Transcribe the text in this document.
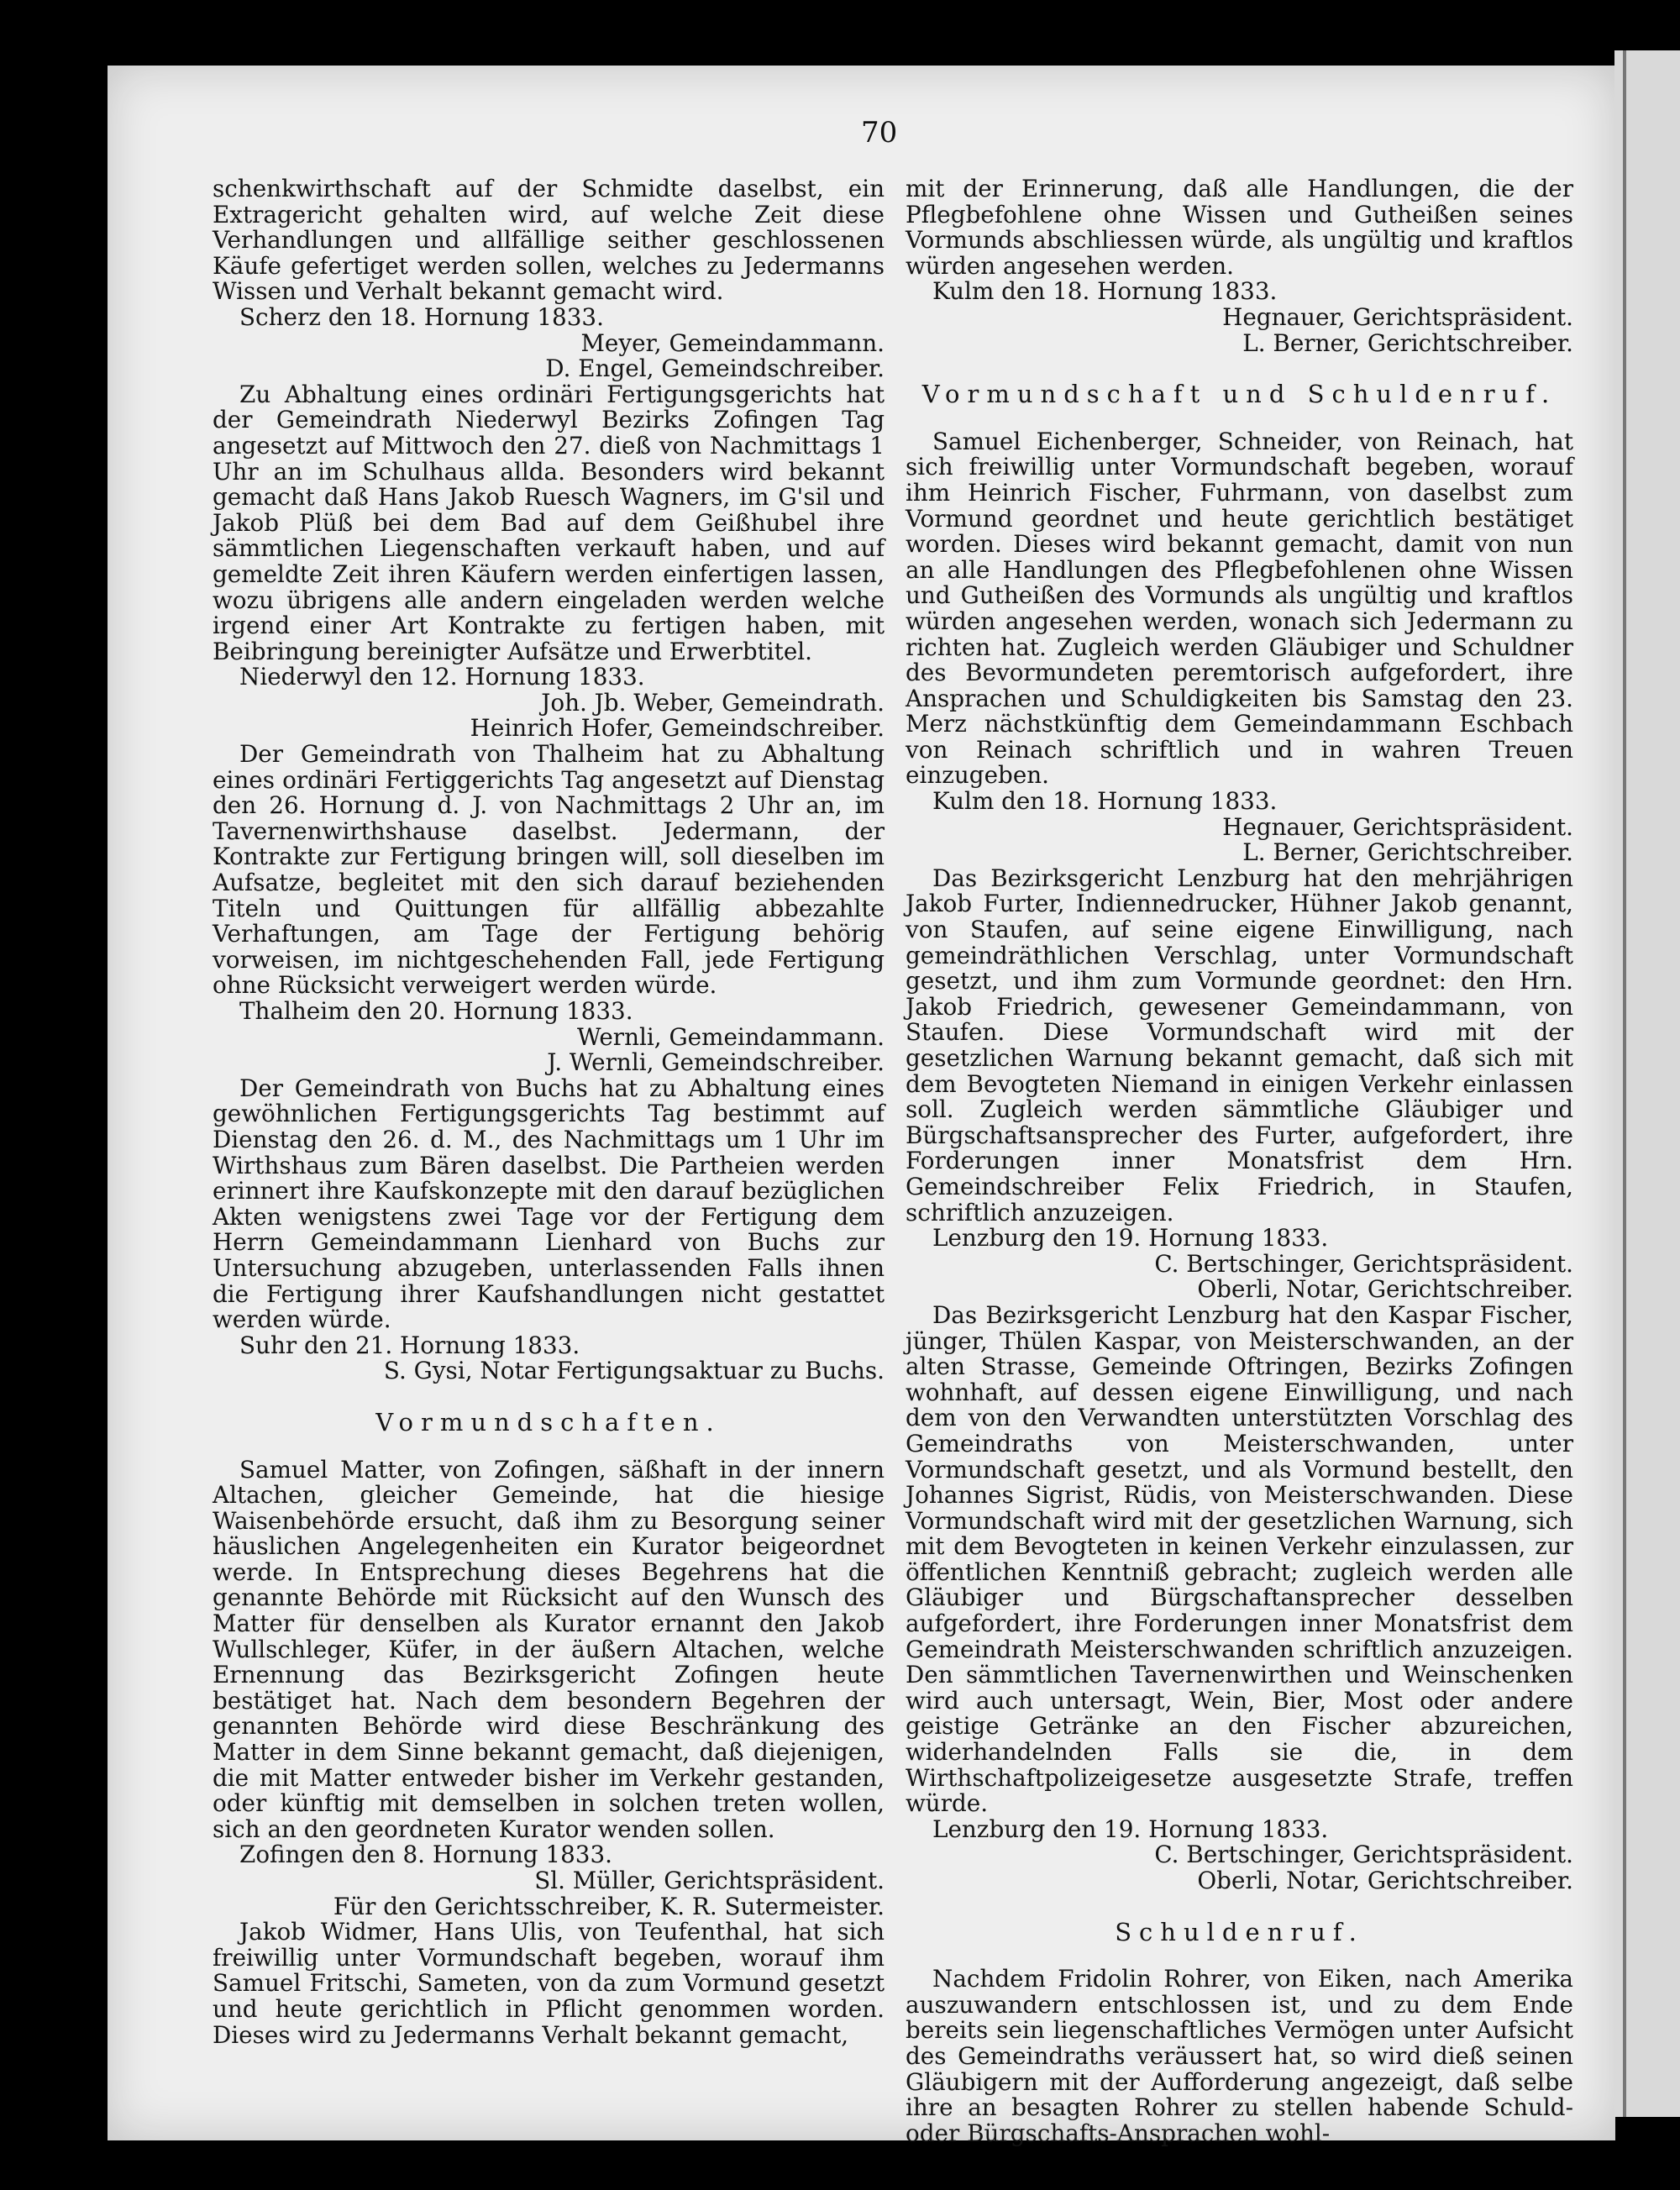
70

schenkwirthschaft auf der Schmidte daselbst, ein Extragericht gehalten wird, auf welche Zeit diese Verhandlungen und allfällige seither geschlossenen Käufe gefertiget werden sollen, welches zu Jedermanns Wissen und Verhalt bekannt gemacht wird.

Scherz den 18. Hornung 1833.

Meyer, Gemeindammann.

D. Engel, Gemeindschreiber.

Zu Abhaltung eines ordinäri Fertigungsgerichts hat der Gemeindrath Niederwyl Bezirks Zofingen Tag angesetzt auf Mittwoch den 27. dieß von Nachmittags 1 Uhr an im Schulhaus allda. Besonders wird bekannt gemacht daß Hans Jakob Ruesch Wagners, im G'sil und Jakob Plüß bei dem Bad auf dem Geißhubel ihre sämmtlichen Liegenschaften verkauft haben, und auf gemeldte Zeit ihren Käufern werden einfertigen lassen, wozu übrigens alle andern eingeladen werden welche irgend einer Art Kontrakte zu fertigen haben, mit Beibringung bereinigter Aufsätze und Erwerbtitel.

Niederwyl den 12. Hornung 1833.

Joh. Jb. Weber, Gemeindrath.

Heinrich Hofer, Gemeindschreiber.

Der Gemeindrath von Thalheim hat zu Abhaltung eines ordinäri Fertiggerichts Tag angesetzt auf Dienstag den 26. Hornung d. J. von Nachmittags 2 Uhr an, im Tavernenwirthshause daselbst. Jedermann, der Kontrakte zur Fertigung bringen will, soll dieselben im Aufsatze, begleitet mit den sich darauf beziehenden Titeln und Quittungen für allfällig abbezahlte Verhaftungen, am Tage der Fertigung behörig vorweisen, im nichtgeschehenden Fall, jede Fertigung ohne Rücksicht verweigert werden würde.

Thalheim den 20. Hornung 1833.

Wernli, Gemeindammann.

J. Wernli, Gemeindschreiber.

Der Gemeindrath von Buchs hat zu Abhaltung eines gewöhnlichen Fertigungsgerichts Tag bestimmt auf Dienstag den 26. d. M., des Nachmittags um 1 Uhr im Wirthshaus zum Bären daselbst. Die Partheien werden erinnert ihre Kaufskonzepte mit den darauf bezüglichen Akten wenigstens zwei Tage vor der Fertigung dem Herrn Gemeindammann Lienhard von Buchs zur Untersuchung abzugeben, unterlassenden Falls ihnen die Fertigung ihrer Kaufshandlungen nicht gestattet werden würde.

Suhr den 21. Hornung 1833.

S. Gysi, Notar Fertigungsaktuar zu Buchs.

Vormundschaften.

Samuel Matter, von Zofingen, säßhaft in der innern Altachen, gleicher Gemeinde, hat die hiesige Waisenbehörde ersucht, daß ihm zu Besorgung seiner häuslichen Angelegenheiten ein Kurator beigeordnet werde. In Entsprechung dieses Begehrens hat die genannte Behörde mit Rücksicht auf den Wunsch des Matter für denselben als Kurator ernannt den Jakob Wullschleger, Küfer, in der äußern Altachen, welche Ernennung das Bezirksgericht Zofingen heute bestätiget hat. Nach dem besondern Begehren der genannten Behörde wird diese Beschränkung des Matter in dem Sinne bekannt gemacht, daß diejenigen, die mit Matter entweder bisher im Verkehr gestanden, oder künftig mit demselben in solchen treten wollen, sich an den geordneten Kurator wenden sollen.

Zofingen den 8. Hornung 1833.

Sl. Müller, Gerichtspräsident.

Für den Gerichtsschreiber, K. R. Sutermeister.

Jakob Widmer, Hans Ulis, von Teufenthal, hat sich freiwillig unter Vormundschaft begeben, worauf ihm Samuel Fritschi, Sameten, von da zum Vormund gesetzt und heute gerichtlich in Pflicht genommen worden. Dieses wird zu Jedermanns Verhalt bekannt gemacht,

mit der Erinnerung, daß alle Handlungen, die der Pflegbefohlene ohne Wissen und Gutheißen seines Vormunds abschliessen würde, als ungültig und kraftlos würden angesehen werden.

Kulm den 18. Hornung 1833.

Hegnauer, Gerichtspräsident.

L. Berner, Gerichtschreiber.

Vormundschaft und Schuldenruf.

Samuel Eichenberger, Schneider, von Reinach, hat sich freiwillig unter Vormundschaft begeben, worauf ihm Heinrich Fischer, Fuhrmann, von daselbst zum Vormund geordnet und heute gerichtlich bestätiget worden. Dieses wird bekannt gemacht, damit von nun an alle Handlungen des Pflegbefohlenen ohne Wissen und Gutheißen des Vormunds als ungültig und kraftlos würden angesehen werden, wonach sich Jedermann zu richten hat. Zugleich werden Gläubiger und Schuldner des Bevormundeten peremtorisch aufgefordert, ihre Ansprachen und Schuldigkeiten bis Samstag den 23. Merz nächstkünftig dem Gemeindammann Eschbach von Reinach schriftlich und in wahren Treuen einzugeben.

Kulm den 18. Hornung 1833.

Hegnauer, Gerichtspräsident.

L. Berner, Gerichtschreiber.

Das Bezirksgericht Lenzburg hat den mehrjährigen Jakob Furter, Indiennedrucker, Hühner Jakob genannt, von Staufen, auf seine eigene Einwilligung, nach gemeindräthlichen Verschlag, unter Vormundschaft gesetzt, und ihm zum Vormunde geordnet: den Hrn. Jakob Friedrich, gewesener Gemeindammann, von Staufen. Diese Vormundschaft wird mit der gesetzlichen Warnung bekannt gemacht, daß sich mit dem Bevogteten Niemand in einigen Verkehr einlassen soll. Zugleich werden sämmtliche Gläubiger und Bürgschaftsansprecher des Furter, aufgefordert, ihre Forderungen inner Monatsfrist dem Hrn. Gemeindschreiber Felix Friedrich, in Staufen, schriftlich anzuzeigen.

Lenzburg den 19. Hornung 1833.

C. Bertschinger, Gerichtspräsident.

Oberli, Notar, Gerichtschreiber.

Das Bezirksgericht Lenzburg hat den Kaspar Fischer, jünger, Thülen Kaspar, von Meisterschwanden, an der alten Strasse, Gemeinde Oftringen, Bezirks Zofingen wohnhaft, auf dessen eigene Einwilligung, und nach dem von den Verwandten unterstützten Vorschlag des Gemeindraths von Meisterschwanden, unter Vormundschaft gesetzt, und als Vormund bestellt, den Johannes Sigrist, Rüdis, von Meisterschwanden. Diese Vormundschaft wird mit der gesetzlichen Warnung, sich mit dem Bevogteten in keinen Verkehr einzulassen, zur öffentlichen Kenntniß gebracht; zugleich werden alle Gläubiger und Bürgschaftansprecher desselben aufgefordert, ihre Forderungen inner Monatsfrist dem Gemeindrath Meisterschwanden schriftlich anzuzeigen. Den sämmtlichen Tavernenwirthen und Weinschenken wird auch untersagt, Wein, Bier, Most oder andere geistige Getränke an den Fischer abzureichen, widerhandelnden Falls sie die, in dem Wirthschaftpolizeigesetze ausgesetzte Strafe, treffen würde.

Lenzburg den 19. Hornung 1833.

C. Bertschinger, Gerichtspräsident.

Oberli, Notar, Gerichtschreiber.

Schuldenruf.

Nachdem Fridolin Rohrer, von Eiken, nach Amerika auszuwandern entschlossen ist, und zu dem Ende bereits sein liegenschaftliches Vermögen unter Aufsicht des Gemeindraths veräussert hat, so wird dieß seinen Gläubigern mit der Aufforderung angezeigt, daß selbe ihre an besagten Rohrer zu stellen habende Schuld- oder Bürgschafts-Ansprachen wohl-
